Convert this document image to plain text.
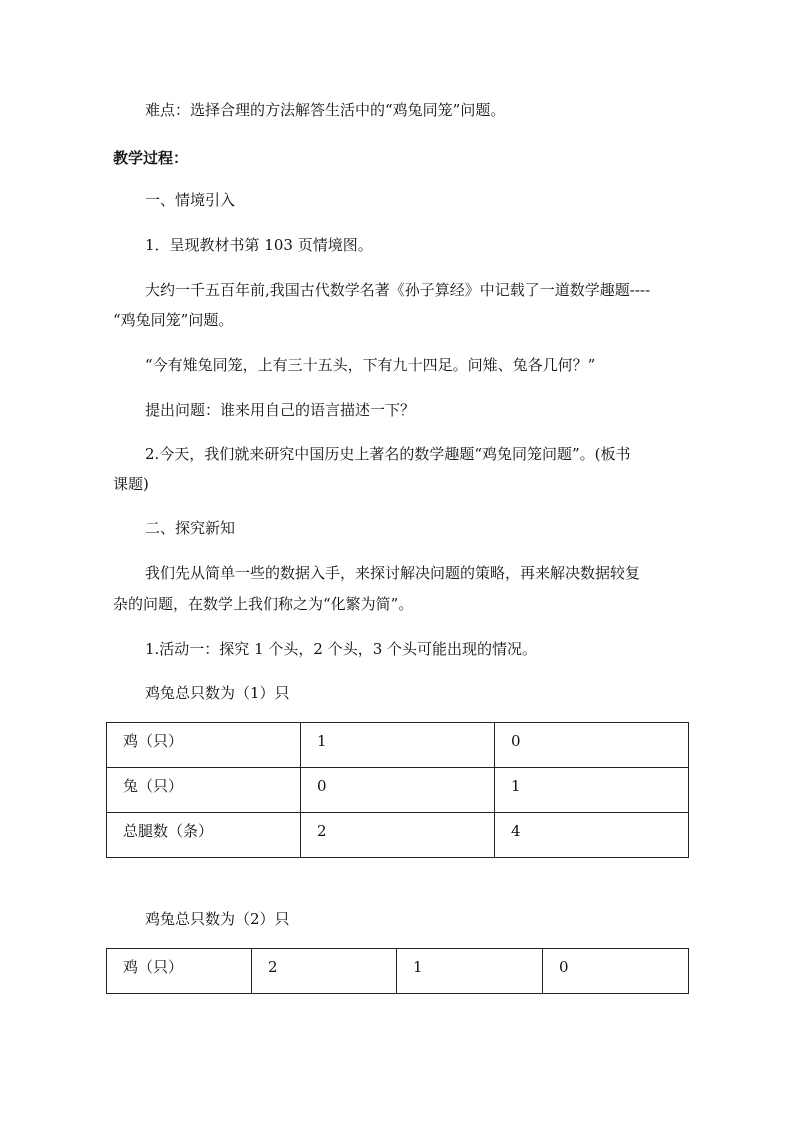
难点：选择合理的方法解答生活中的“鸡兔同笼”问题。
教学过程：
一、情境引入
1．呈现教材书第 103 页情境图。
大约一千五百年前,我国古代数学名著《孙子算经》中记载了一道数学趣题----
“鸡兔同笼”问题。
“今有雉兔同笼，上有三十五头，下有九十四足。问雉、兔各几何？”
提出问题：谁来用自己的语言描述一下？
2.今天，我们就来研究中国历史上著名的数学趣题“鸡兔同笼问题”。(板书
课题)
二、探究新知
我们先从简单一些的数据入手，来探讨解决问题的策略，再来解决数据较复
杂的问题，在数学上我们称之为“化繁为简”。
1.活动一：探究 1 个头，2 个头，3 个头可能出现的情况。
鸡兔总只数为（1）只
鸡（只）	1	0
兔（只）	0	1
总腿数（条）	2	4
鸡兔总只数为（2）只
鸡（只）	2	1	0
